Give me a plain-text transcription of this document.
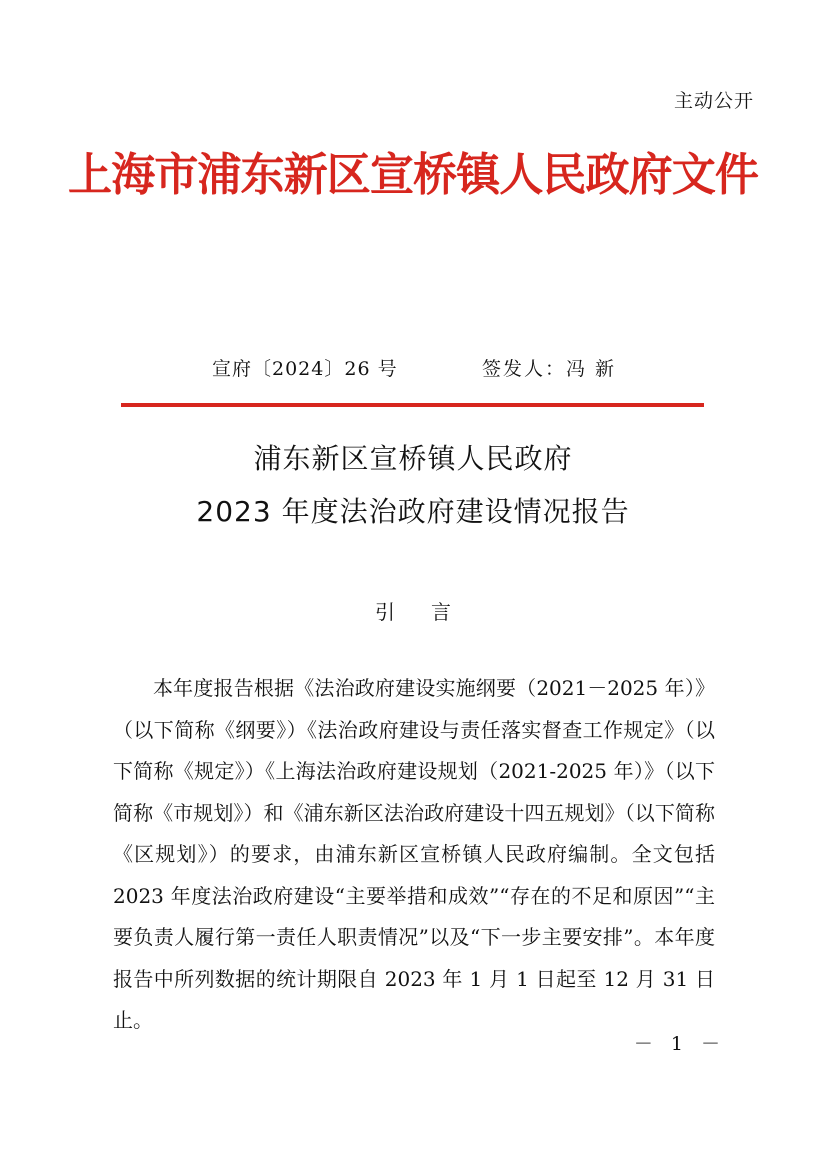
主动公开
上海市浦东新区宣桥镇人民政府文件
宣府〔2024〕26 号	签发人：冯 新
浦东新区宣桥镇人民政府
2023 年度法治政府建设情况报告
引言

本年度报告根据《法治政府建设实施纲要（2021－2025 年）》（以下简称《纲要》）《法治政府建设与责任落实督查工作规定》（以下简称《规定》）《上海法治政府建设规划（2021-2025 年）》（以下简称《市规划》）和《浦东新区法治政府建设十四五规划》（以下简称《区规划》）的要求，由浦东新区宣桥镇人民政府编制。全文包括 2023 年度法治政府建设“主要举措和成效”“存在的不足和原因”“主要负责人履行第一责任人职责情况”以及“下一步主要安排”。本年度报告中所列数据的统计期限自 2023 年 1 月 1 日起至 12 月 31 日止。

－ 1 －
